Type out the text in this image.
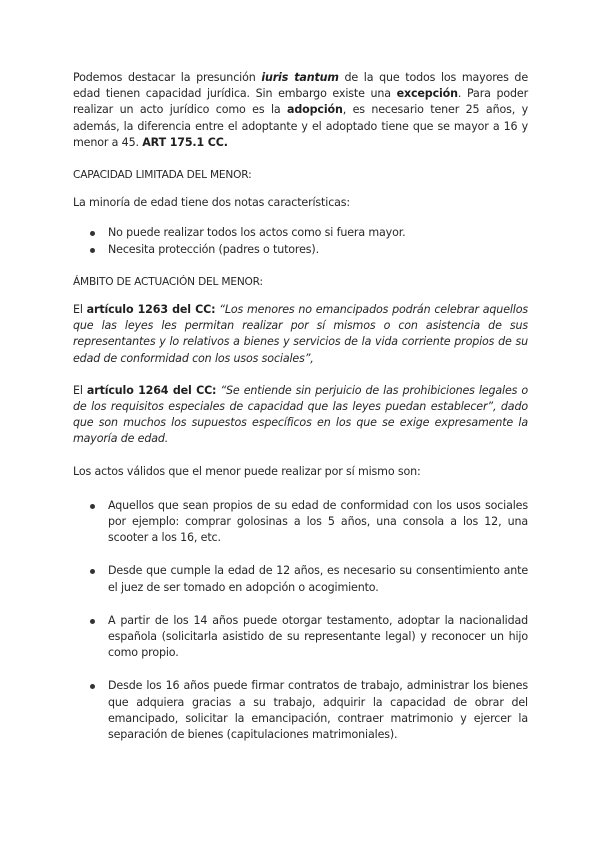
Podemos destacar la presunción iuris tantum de la que todos los mayores de edad tienen capacidad jurídica. Sin embargo existe una excepción. Para poder realizar un acto jurídico como es la adopción, es necesario tener 25 años, y además, la diferencia entre el adoptante y el adoptado tiene que se mayor a 16 y menor a 45. ART 175.1 CC.

CAPACIDAD LIMITADA DEL MENOR:

La minoría de edad tiene dos notas características:

No puede realizar todos los actos como si fuera mayor.
Necesita protección (padres o tutores).

ÁMBITO DE ACTUACIÓN DEL MENOR:

El artículo 1263 del CC: “Los menores no emancipados podrán celebrar aquellos que las leyes les permitan realizar por sí mismos o con asistencia de sus representantes y lo relativos a bienes y servicios de la vida corriente propios de su edad de conformidad con los usos sociales”,

El artículo 1264 del CC: “Se entiende sin perjuicio de las prohibiciones legales o de los requisitos especiales de capacidad que las leyes puedan establecer”, dado que son muchos los supuestos específicos en los que se exige expresamente la mayoría de edad.

Los actos válidos que el menor puede realizar por sí mismo son:

Aquellos que sean propios de su edad de conformidad con los usos sociales por ejemplo: comprar golosinas a los 5 años, una consola a los 12, una scooter a los 16, etc.
Desde que cumple la edad de 12 años, es necesario su consentimiento ante el juez de ser tomado en adopción o acogimiento.
A partir de los 14 años puede otorgar testamento, adoptar la nacionalidad española (solicitarla asistido de su representante legal) y reconocer un hijo como propio.
Desde los 16 años puede firmar contratos de trabajo, administrar los bienes que adquiera gracias a su trabajo, adquirir la capacidad de obrar del emancipado, solicitar la emancipación, contraer matrimonio y ejercer la separación de bienes (capitulaciones matrimoniales).
